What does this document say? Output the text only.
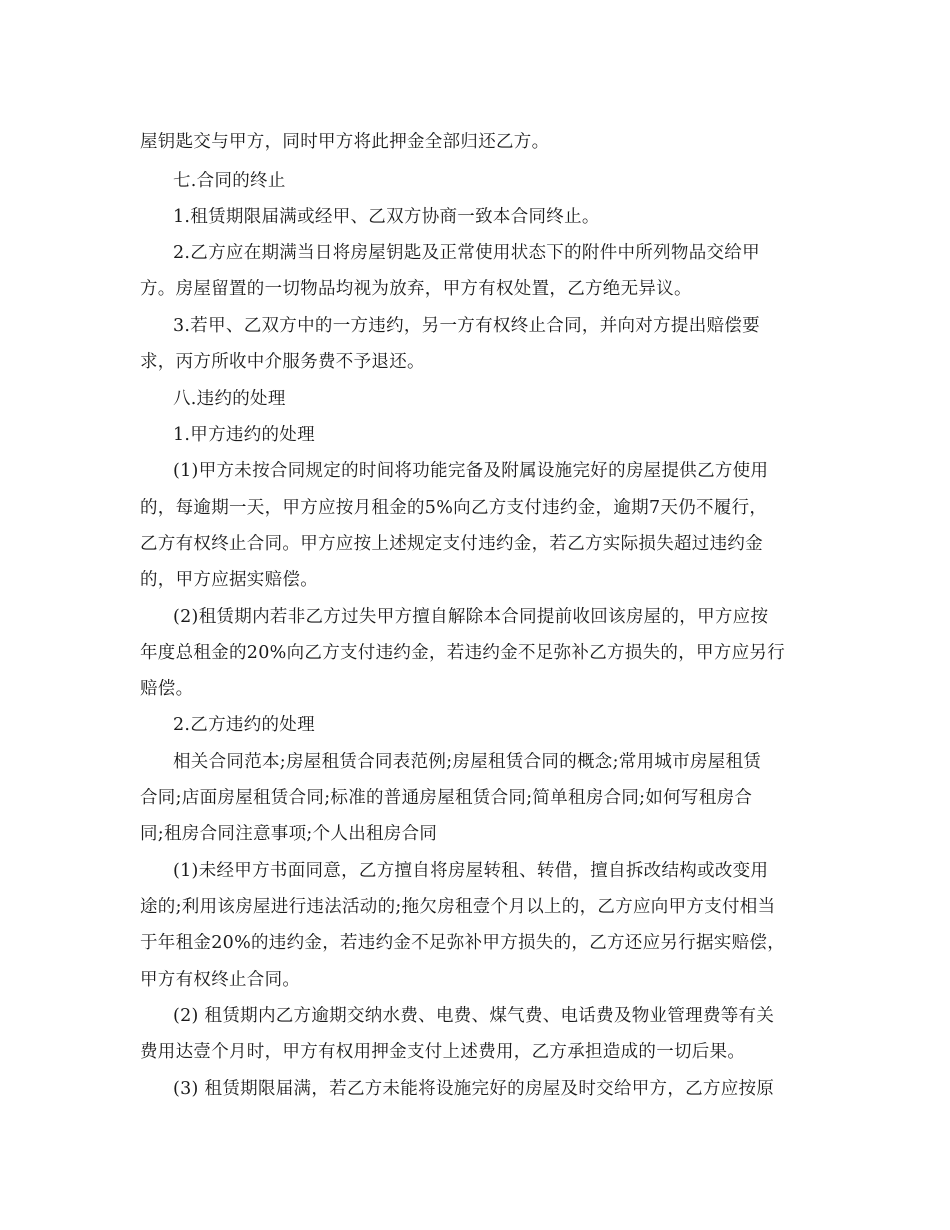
屋钥匙交与甲方，同时甲方将此押金全部归还乙方。
七.合同的终止
1.租赁期限届满或经甲、乙双方协商一致本合同终止。
2.乙方应在期满当日将房屋钥匙及正常使用状态下的附件中所列物品交给甲
方。房屋留置的一切物品均视为放弃，甲方有权处置，乙方绝无异议。
3.若甲、乙双方中的一方违约，另一方有权终止合同，并向对方提出赔偿要
求，丙方所收中介服务费不予退还。
八.违约的处理
1.甲方违约的处理
(1)甲方未按合同规定的时间将功能完备及附属设施完好的房屋提供乙方使用
的，每逾期一天，甲方应按月租金的5%向乙方支付违约金，逾期7天仍不履行，
乙方有权终止合同。甲方应按上述规定支付违约金，若乙方实际损失超过违约金
的，甲方应据实赔偿。
(2)租赁期内若非乙方过失甲方擅自解除本合同提前收回该房屋的，甲方应按
年度总租金的20%向乙方支付违约金，若违约金不足弥补乙方损失的，甲方应另行
赔偿。
2.乙方违约的处理
相关合同范本;房屋租赁合同表范例;房屋租赁合同的概念;常用城市房屋租赁
合同;店面房屋租赁合同;标准的普通房屋租赁合同;简单租房合同;如何写租房合
同;租房合同注意事项;个人出租房合同
(1)未经甲方书面同意，乙方擅自将房屋转租、转借，擅自拆改结构或改变用
途的;利用该房屋进行违法活动的;拖欠房租壹个月以上的，乙方应向甲方支付相当
于年租金20%的违约金，若违约金不足弥补甲方损失的，乙方还应另行据实赔偿，
甲方有权终止合同。
(2) 租赁期内乙方逾期交纳水费、电费、煤气费、电话费及物业管理费等有关
费用达壹个月时，甲方有权用押金支付上述费用，乙方承担造成的一切后果。
(3) 租赁期限届满，若乙方未能将设施完好的房屋及时交给甲方，乙方应按原
